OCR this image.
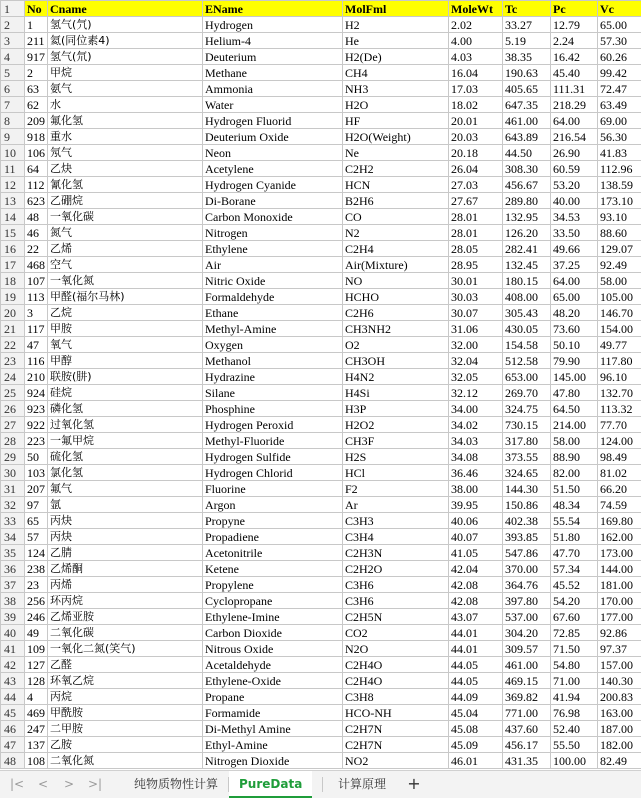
1	No	Cname	EName	MolFml	MoleWt	Tc	Pc	Vc
2	1	氢气(氕)	Hydrogen	H2	2.02	33.27	12.79	65.00
3	211	氦(同位素4)	Helium-4	He	4.00	5.19	2.24	57.30
4	917	氢气(氘)	Deuterium	H2(De)	4.03	38.35	16.42	60.26
5	2	甲烷	Methane	CH4	16.04	190.63	45.40	99.42
6	63	氨气	Ammonia	NH3	17.03	405.65	111.31	72.47
7	62	水	Water	H2O	18.02	647.35	218.29	63.49
8	209	氟化氢	Hydrogen Fluorid	HF	20.01	461.00	64.00	69.00
9	918	重水	Deuterium Oxide	H2O(Weight)	20.03	643.89	216.54	56.30
10	106	氖气	Neon	Ne	20.18	44.50	26.90	41.83
11	64	乙炔	Acetylene	C2H2	26.04	308.30	60.59	112.96
12	112	氰化氢	Hydrogen Cyanide	HCN	27.03	456.67	53.20	138.59
13	623	乙硼烷	Di-Borane	B2H6	27.67	289.80	40.00	173.10
14	48	一氧化碳	Carbon Monoxide	CO	28.01	132.95	34.53	93.10
15	46	氮气	Nitrogen	N2	28.01	126.20	33.50	88.60
16	22	乙烯	Ethylene	C2H4	28.05	282.41	49.66	129.07
17	468	空气	Air	Air(Mixture)	28.95	132.45	37.25	92.49
18	107	一氧化氮	Nitric Oxide	NO	30.01	180.15	64.00	58.00
19	113	甲醛(福尔马林)	Formaldehyde	HCHO	30.03	408.00	65.00	105.00
20	3	乙烷	Ethane	C2H6	30.07	305.43	48.20	146.70
21	117	甲胺	Methyl-Amine	CH3NH2	31.06	430.05	73.60	154.00
22	47	氧气	Oxygen	O2	32.00	154.58	50.10	49.77
23	116	甲醇	Methanol	CH3OH	32.04	512.58	79.90	117.80
24	210	联胺(肼)	Hydrazine	H4N2	32.05	653.00	145.00	96.10
25	924	硅烷	Silane	H4Si	32.12	269.70	47.80	132.70
26	923	磷化氢	Phosphine	H3P	34.00	324.75	64.50	113.32
27	922	过氧化氢	Hydrogen Peroxid	H2O2	34.02	730.15	214.00	77.70
28	223	一氟甲烷	Methyl-Fluoride	CH3F	34.03	317.80	58.00	124.00
29	50	硫化氢	Hydrogen Sulfide	H2S	34.08	373.55	88.90	98.49
30	103	氯化氢	Hydrogen Chlorid	HCl	36.46	324.65	82.00	81.02
31	207	氟气	Fluorine	F2	38.00	144.30	51.50	66.20
32	97	氩	Argon	Ar	39.95	150.86	48.34	74.59
33	65	丙炔	Propyne	C3H3	40.06	402.38	55.54	169.80
34	57	丙炔	Propadiene	C3H4	40.07	393.85	51.80	162.00
35	124	乙腈	Acetonitrile	C2H3N	41.05	547.86	47.70	173.00
36	238	乙烯酮	Ketene	C2H2O	42.04	370.00	57.34	144.00
37	23	丙烯	Propylene	C3H6	42.08	364.76	45.52	181.00
38	256	环丙烷	Cyclopropane	C3H6	42.08	397.80	54.20	170.00
39	246	乙烯亚胺	Ethylene-Imine	C2H5N	43.07	537.00	67.60	177.00
40	49	二氧化碳	Carbon Dioxide	CO2	44.01	304.20	72.85	92.86
41	109	一氧化二氮(笑气)	Nitrous Oxide	N2O	44.01	309.57	71.50	97.37
42	127	乙醛	Acetaldehyde	C2H4O	44.05	461.00	54.80	157.00
43	128	环氧乙烷	Ethylene-Oxide	C2H4O	44.05	469.15	71.00	140.30
44	4	丙烷	Propane	C3H8	44.09	369.82	41.94	200.83
45	469	甲酰胺	Formamide	HCO-NH	45.04	771.00	76.98	163.00
46	247	二甲胺	Di-Methyl Amine	C2H7N	45.08	437.60	52.40	187.00
47	137	乙胺	Ethyl-Amine	C2H7N	45.09	456.17	55.50	182.00
48	108	二氧化氮	Nitrogen Dioxide	NO2	46.01	431.35	100.00	82.49
|<	<	>	>|	纯物质物性计算	PureData	计算原理	+
